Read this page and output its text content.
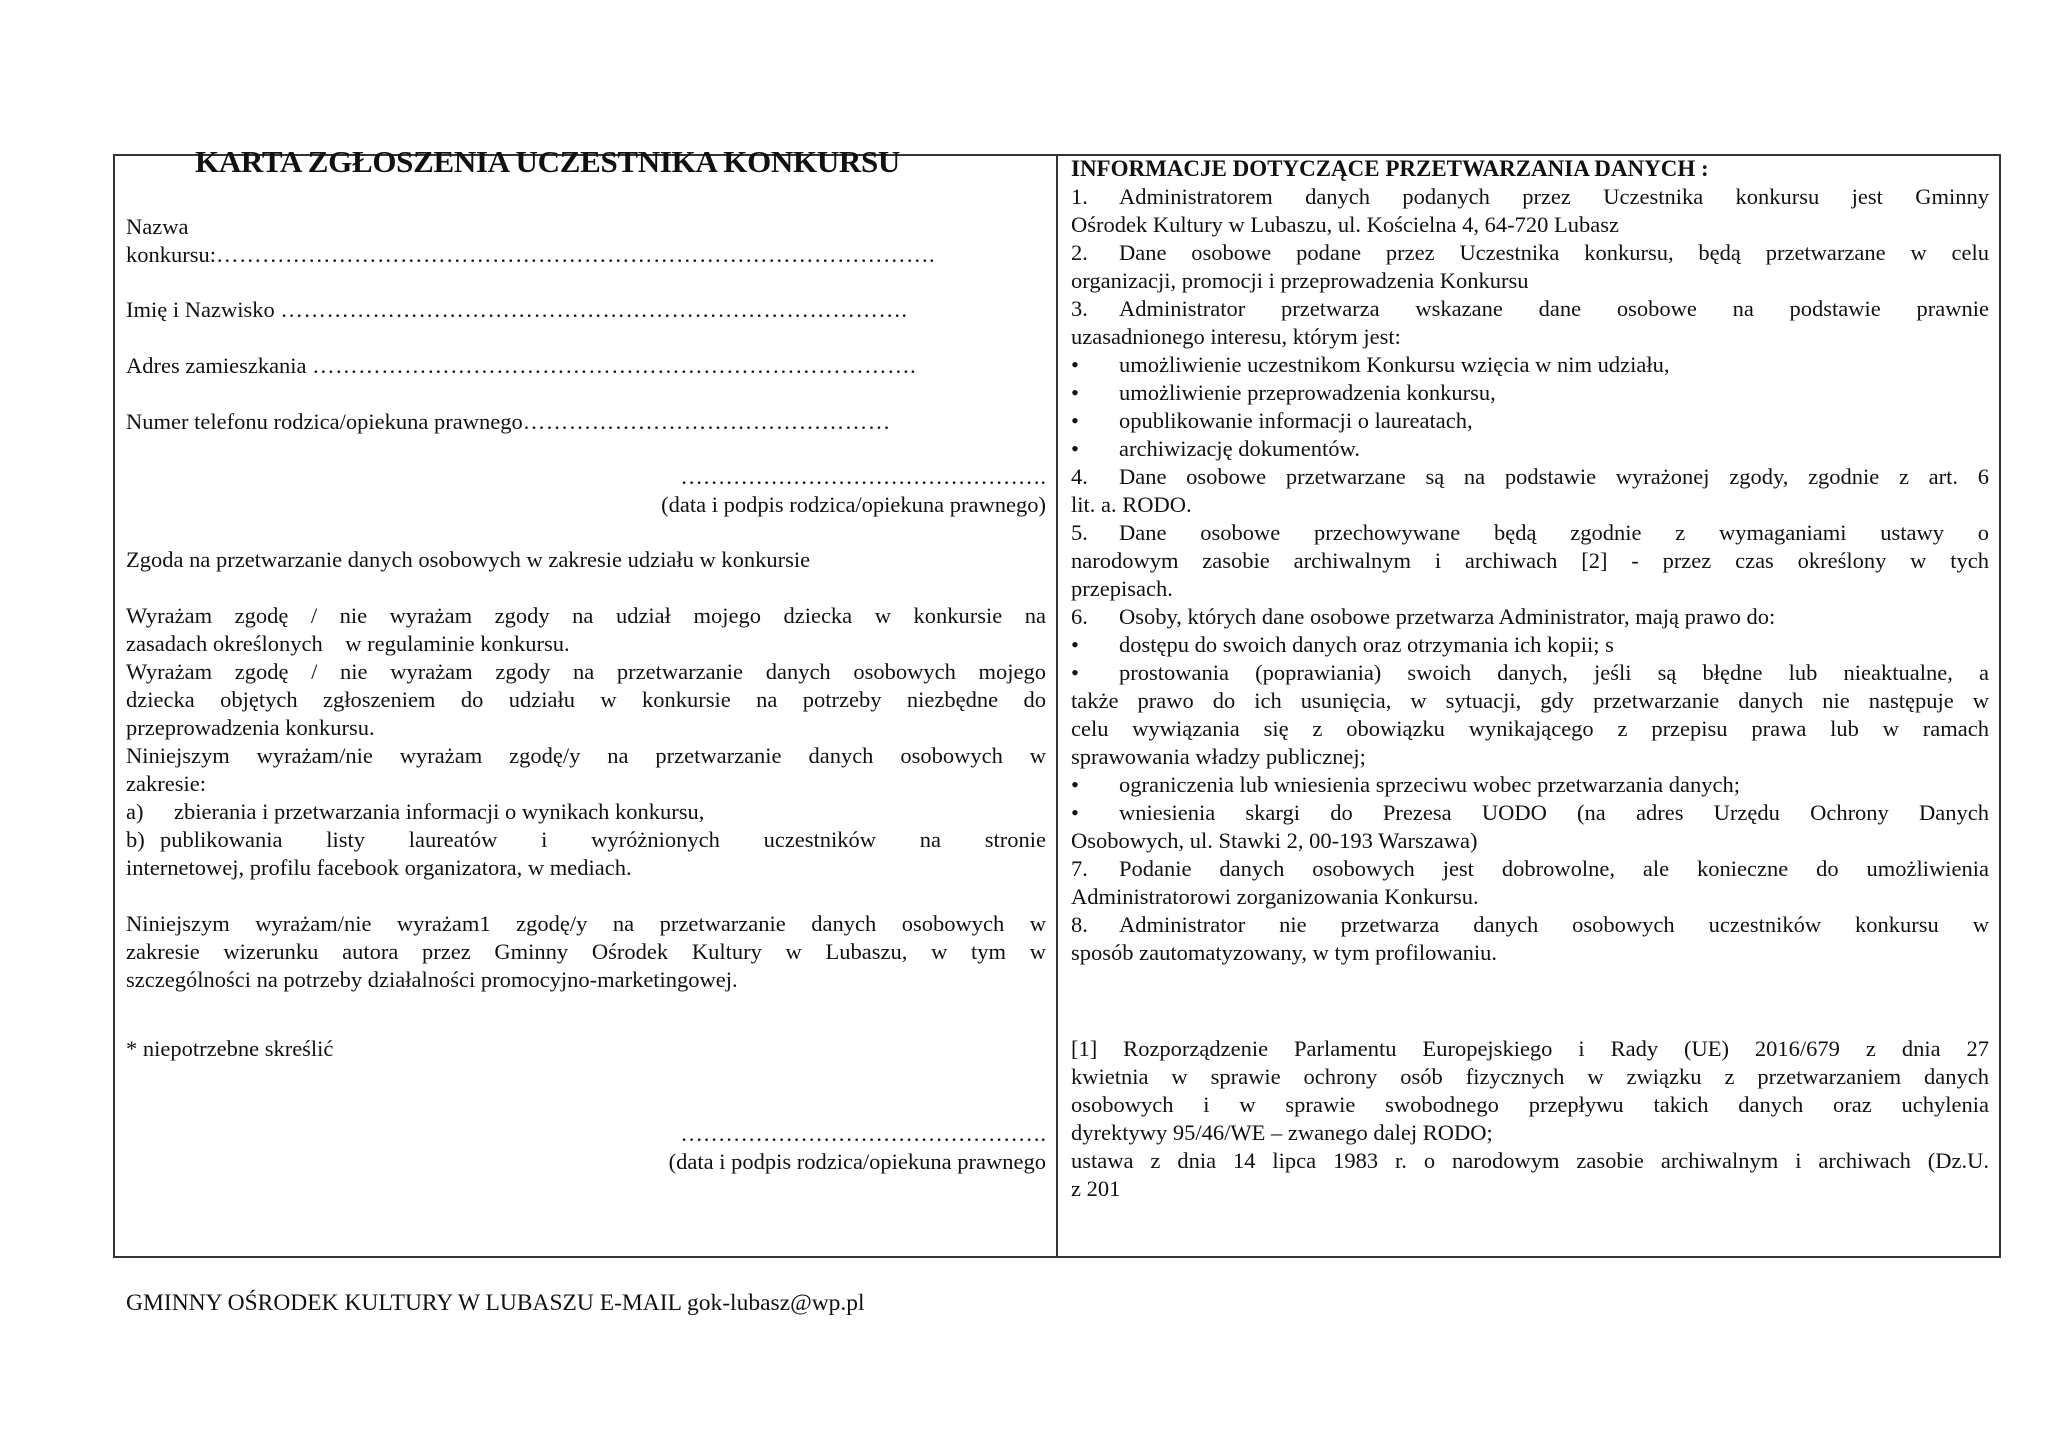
KARTA ZGŁOSZENIA UCZESTNIKA KONKURSU
Nazwa
konkursu:………………………………………………………………………………….
Imię i Nazwisko ……………………………………………………………………….
Adres zamieszkania …………………………………………………………………….
Numer telefonu rodzica/opiekuna prawnego…………………………………………
………………………………………….
(data i podpis rodzica/opiekuna prawnego)
Zgoda na przetwarzanie danych osobowych w zakresie udziału w konkursie
Wyrażam zgodę / nie wyrażam zgody na udział mojego dziecka w konkursie na
zasadach określonych    w regulaminie konkursu.
Wyrażam zgodę / nie wyrażam zgody na przetwarzanie danych osobowych mojego
dziecka objętych zgłoszeniem do udziału w konkursie na potrzeby niezbędne do
przeprowadzenia konkursu.
Niniejszym wyrażam/nie wyrażam zgodę/y na przetwarzanie danych osobowych w
zakresie:
a) zbierania i przetwarzania informacji o wynikach konkursu,
b) publikowania listy laureatów i wyróżnionych uczestników na stronie
internetowej, profilu facebook organizatora, w mediach.
Niniejszym wyrażam/nie wyrażam1 zgodę/y na przetwarzanie danych osobowych w
zakresie wizerunku autora przez Gminny Ośrodek Kultury w Lubaszu, w tym w
szczególności na potrzeby działalności promocyjno-marketingowej.
* niepotrzebne skreślić
………………………………………….
(data i podpis rodzica/opiekuna prawnego
INFORMACJE DOTYCZĄCE PRZETWARZANIA DANYCH :
1.	Administratorem danych podanych przez Uczestnika konkursu jest Gminny
Ośrodek Kultury w Lubaszu, ul. Kościelna 4, 64-720 Lubasz
2.	Dane osobowe podane przez Uczestnika konkursu, będą przetwarzane w celu
organizacji, promocji i przeprowadzenia Konkursu
3.	Administrator przetwarza wskazane dane osobowe na podstawie prawnie
uzasadnionego interesu, którym jest:
•	umożliwienie uczestnikom Konkursu wzięcia w nim udziału,
•	umożliwienie przeprowadzenia konkursu,
•	opublikowanie informacji o laureatach,
•	archiwizację dokumentów.
4.	Dane osobowe przetwarzane są na podstawie wyrażonej zgody, zgodnie z art. 6
lit. a. RODO.
5.	Dane osobowe przechowywane będą zgodnie z wymaganiami ustawy o
narodowym zasobie archiwalnym i archiwach [2] - przez czas określony w tych
przepisach.
6.	Osoby, których dane osobowe przetwarza Administrator, mają prawo do:
•	dostępu do swoich danych oraz otrzymania ich kopii; s
•	prostowania (poprawiania) swoich danych, jeśli są błędne lub nieaktualne, a
także prawo do ich usunięcia, w sytuacji, gdy przetwarzanie danych nie następuje w
celu wywiązania się z obowiązku wynikającego z przepisu prawa lub w ramach
sprawowania władzy publicznej;
•	ograniczenia lub wniesienia sprzeciwu wobec przetwarzania danych;
•	wniesienia skargi do Prezesa UODO (na adres Urzędu Ochrony Danych
Osobowych, ul. Stawki 2, 00-193 Warszawa)
7.	Podanie danych osobowych jest dobrowolne, ale konieczne do umożliwienia
Administratorowi zorganizowania Konkursu.
8.	Administrator nie przetwarza danych osobowych uczestników konkursu w
sposób zautomatyzowany, w tym profilowaniu.
[1] Rozporządzenie Parlamentu Europejskiego i Rady (UE) 2016/679 z dnia 27
kwietnia w sprawie ochrony osób fizycznych w związku z przetwarzaniem danych
osobowych i w sprawie swobodnego przepływu takich danych oraz uchylenia
dyrektywy 95/46/WE – zwanego dalej RODO;
ustawa z dnia 14 lipca 1983 r. o narodowym zasobie archiwalnym i archiwach (Dz.U.
z 201
GMINNY OŚRODEK KULTURY W LUBASZU E-MAIL gok-lubasz@wp.pl
